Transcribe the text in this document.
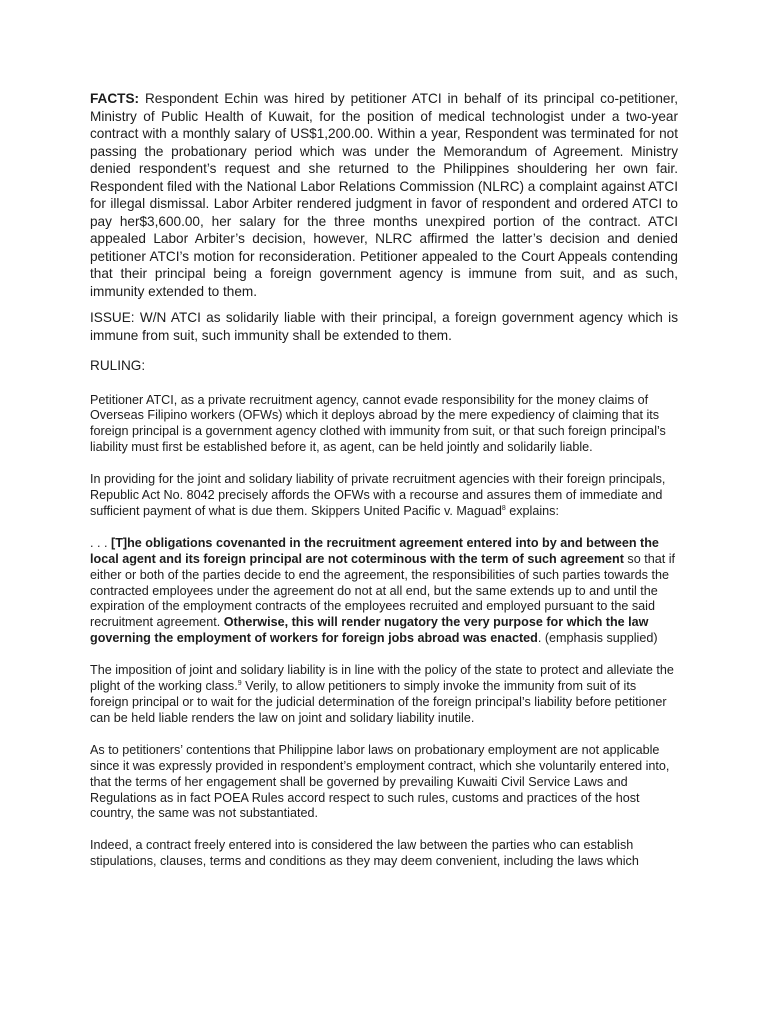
FACTS: Respondent Echin was hired by petitioner ATCI in behalf of its principal co-petitioner, Ministry of Public Health of Kuwait, for the position of medical technologist under a two-year contract with a monthly salary of US$1,200.00. Within a year, Respondent was terminated for not passing the probationary period which was under the Memorandum of Agreement. Ministry denied respondent’s request and she returned to the Philippines shouldering her own fair. Respondent filed with the National Labor Relations Commission (NLRC) a complaint against ATCI for illegal dismissal. Labor Arbiter rendered judgment in favor of respondent and ordered ATCI to pay her$3,600.00, her salary for the three months unexpired portion of the contract. ATCI appealed Labor Arbiter’s decision, however, NLRC affirmed the latter’s decision and denied petitioner ATCI’s motion for reconsideration. Petitioner appealed to the Court Appeals contending that their principal being a foreign government agency is immune from suit, and as such, immunity extended to them.

ISSUE: W/N ATCI as solidarily liable with their principal, a foreign government agency which is immune from suit, such immunity shall be extended to them.

RULING:

Petitioner ATCI, as a private recruitment agency, cannot evade responsibility for the money claims of Overseas Filipino workers (OFWs) which it deploys abroad by the mere expediency of claiming that its foreign principal is a government agency clothed with immunity from suit, or that such foreign principal’s liability must first be established before it, as agent, can be held jointly and solidarily liable.

In providing for the joint and solidary liability of private recruitment agencies with their foreign principals, Republic Act No. 8042 precisely affords the OFWs with a recourse and assures them of immediate and sufficient payment of what is due them. Skippers United Pacific v. Maguad$^8$ explains:

. . . [T]he obligations covenanted in the recruitment agreement entered into by and between the local agent and its foreign principal are not coterminous with the term of such agreement so that if either or both of the parties decide to end the agreement, the responsibilities of such parties towards the contracted employees under the agreement do not at all end, but the same extends up to and until the expiration of the employment contracts of the employees recruited and employed pursuant to the said recruitment agreement. Otherwise, this will render nugatory the very purpose for which the law governing the employment of workers for foreign jobs abroad was enacted. (emphasis supplied)

The imposition of joint and solidary liability is in line with the policy of the state to protect and alleviate the plight of the working class.$^9$ Verily, to allow petitioners to simply invoke the immunity from suit of its foreign principal or to wait for the judicial determination of the foreign principal’s liability before petitioner can be held liable renders the law on joint and solidary liability inutile.

As to petitioners’ contentions that Philippine labor laws on probationary employment are not applicable since it was expressly provided in respondent’s employment contract, which she voluntarily entered into, that the terms of her engagement shall be governed by prevailing Kuwaiti Civil Service Laws and Regulations as in fact POEA Rules accord respect to such rules, customs and practices of the host country, the same was not substantiated.

Indeed, a contract freely entered into is considered the law between the parties who can establish stipulations, clauses, terms and conditions as they may deem convenient, including the laws which
